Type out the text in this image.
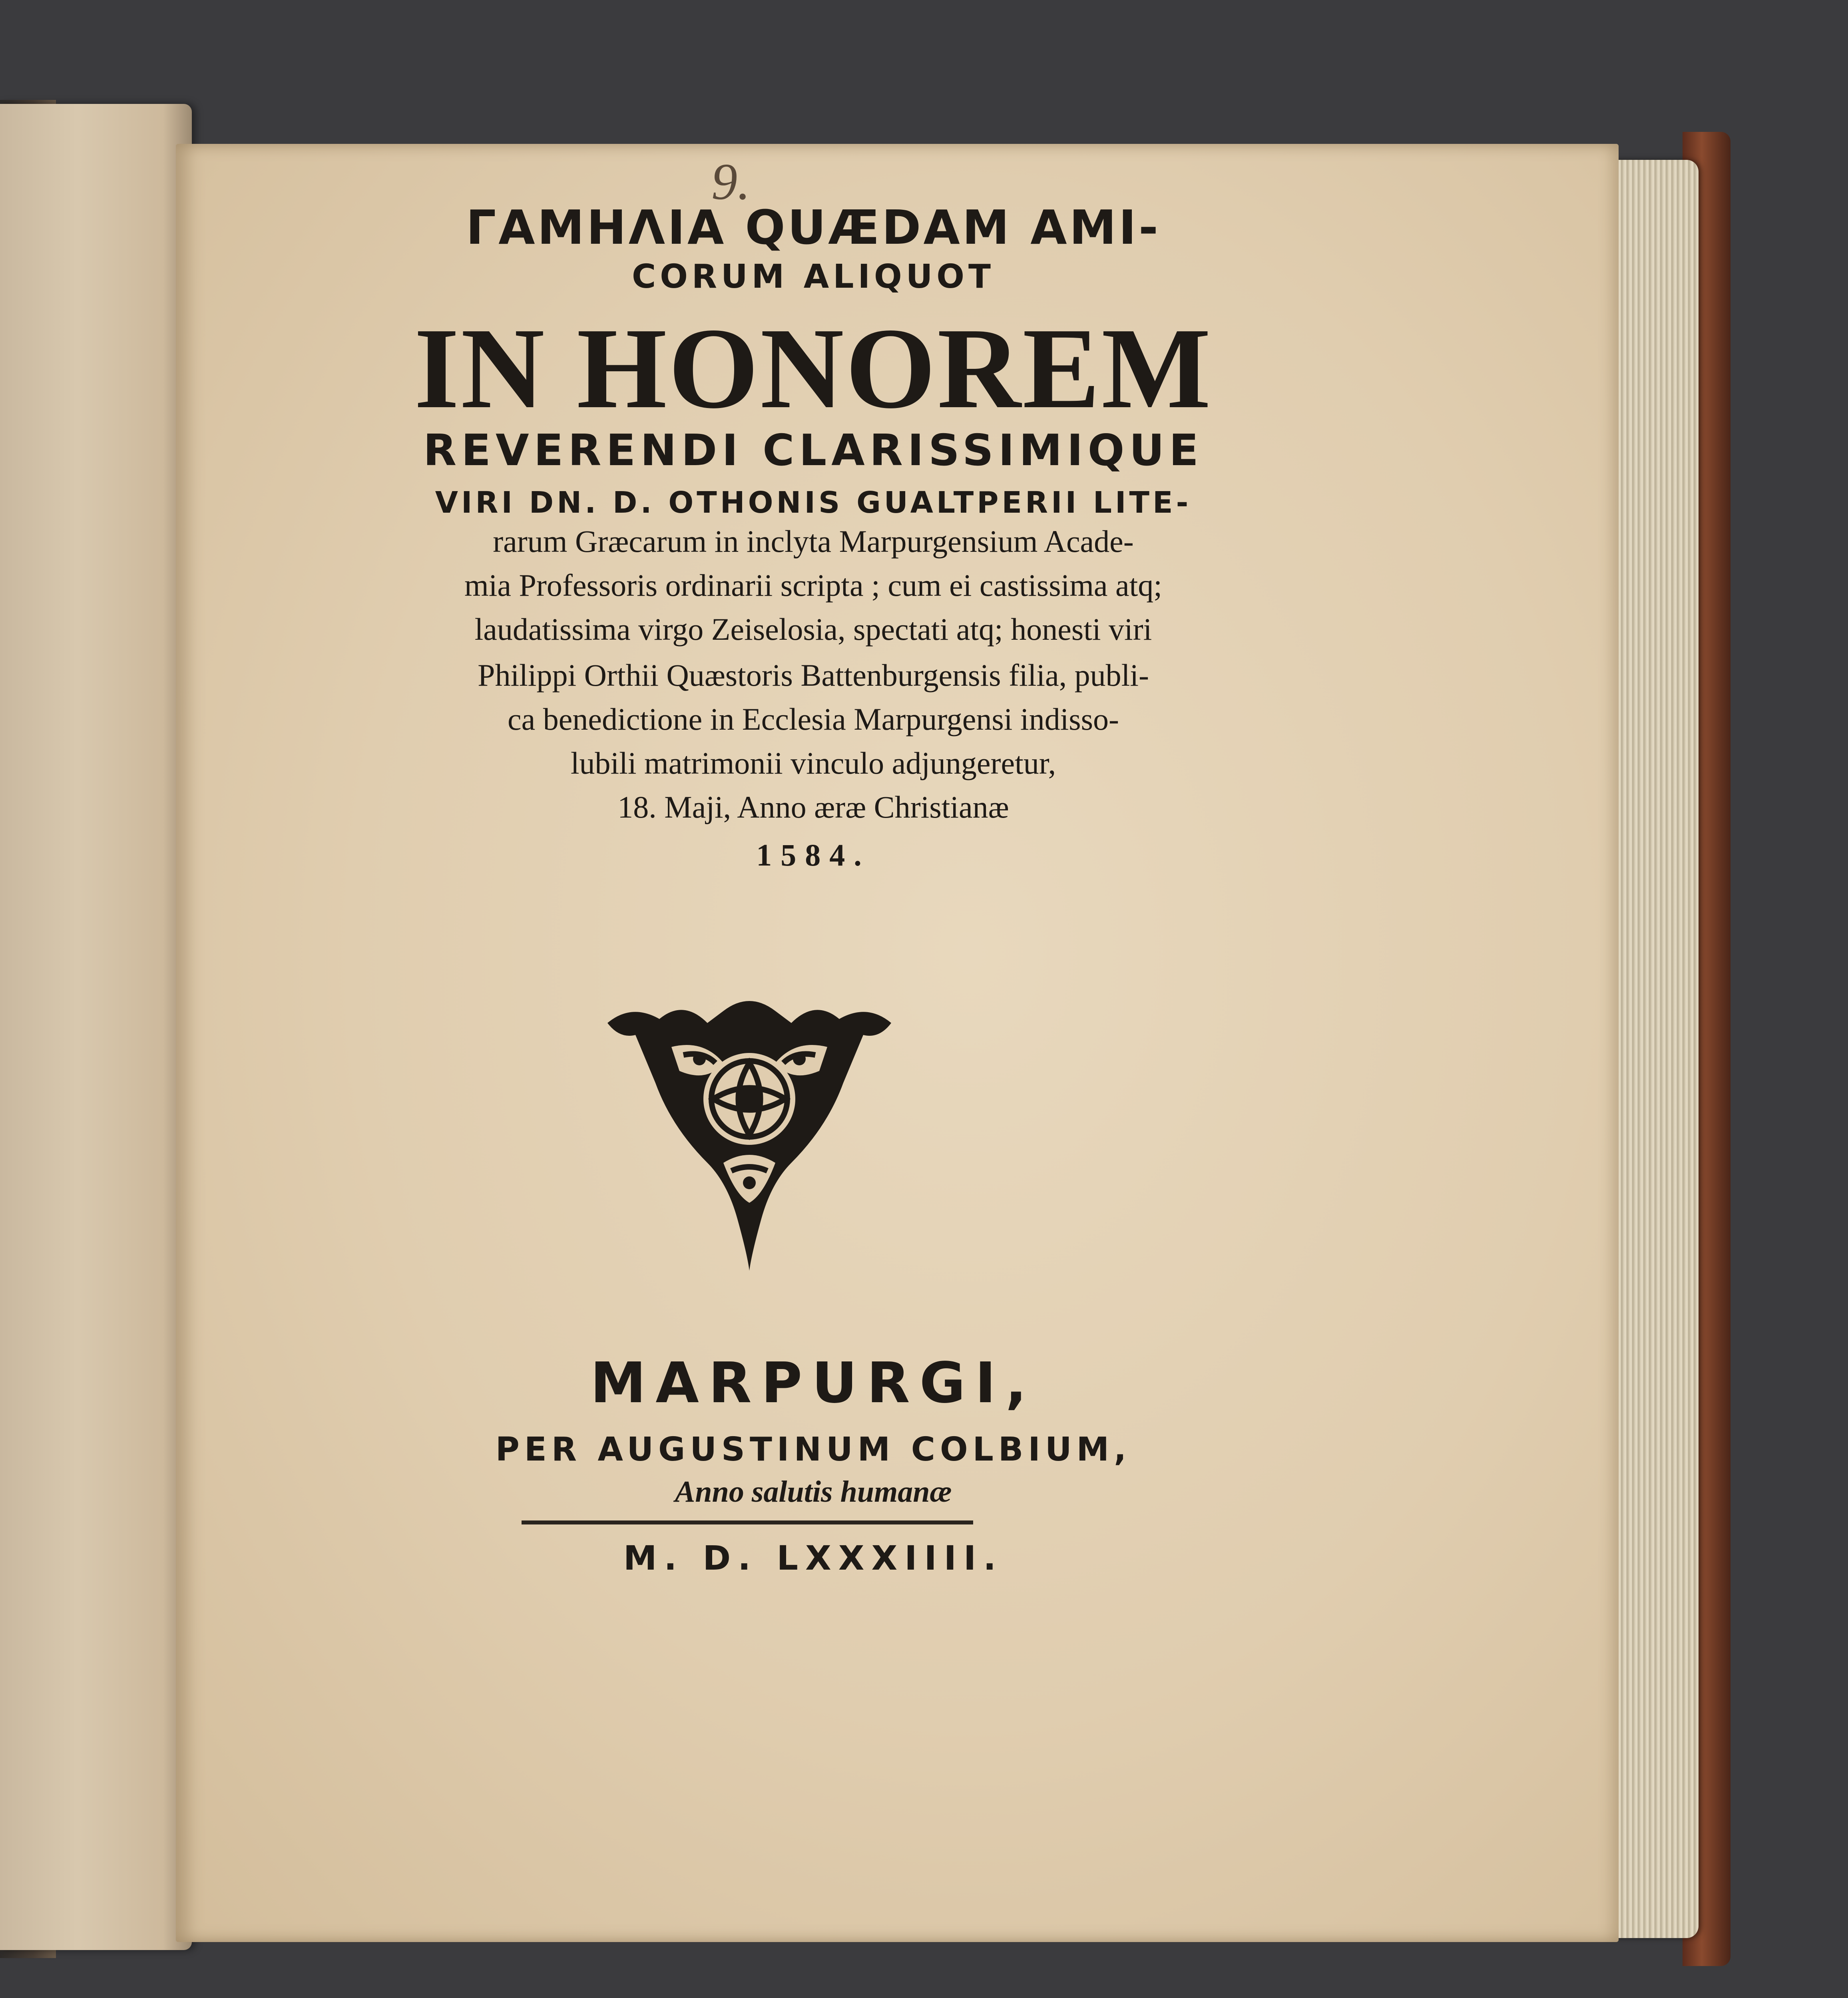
9.
ΓΑΜΗΛΙΑ QUÆDAM AMI-
CORUM ALIQUOT
IN HONOREM
REVERENDI CLARISSIMIQUE
VIRI DN. D. OTHONIS GUALTPERII LITE-
rarum Græcarum in inclyta Marpurgensium Acade-
mia Professoris ordinarii scripta ; cum ei castissima atq;
laudatissima virgo Zeiselosia, spectati atq; honesti viri
Philippi Orthii Quæstoris Battenburgensis filia, publi-
ca benedictione in Ecclesia Marpurgensi indisso-
lubili matrimonii vinculo adjungeretur,
18. Maji, Anno æræ Christianæ
1584.
MARPURGI,
PER AUGUSTINUM COLBIUM,
Anno salutis humanæ
M. D. LXXXIIII.
